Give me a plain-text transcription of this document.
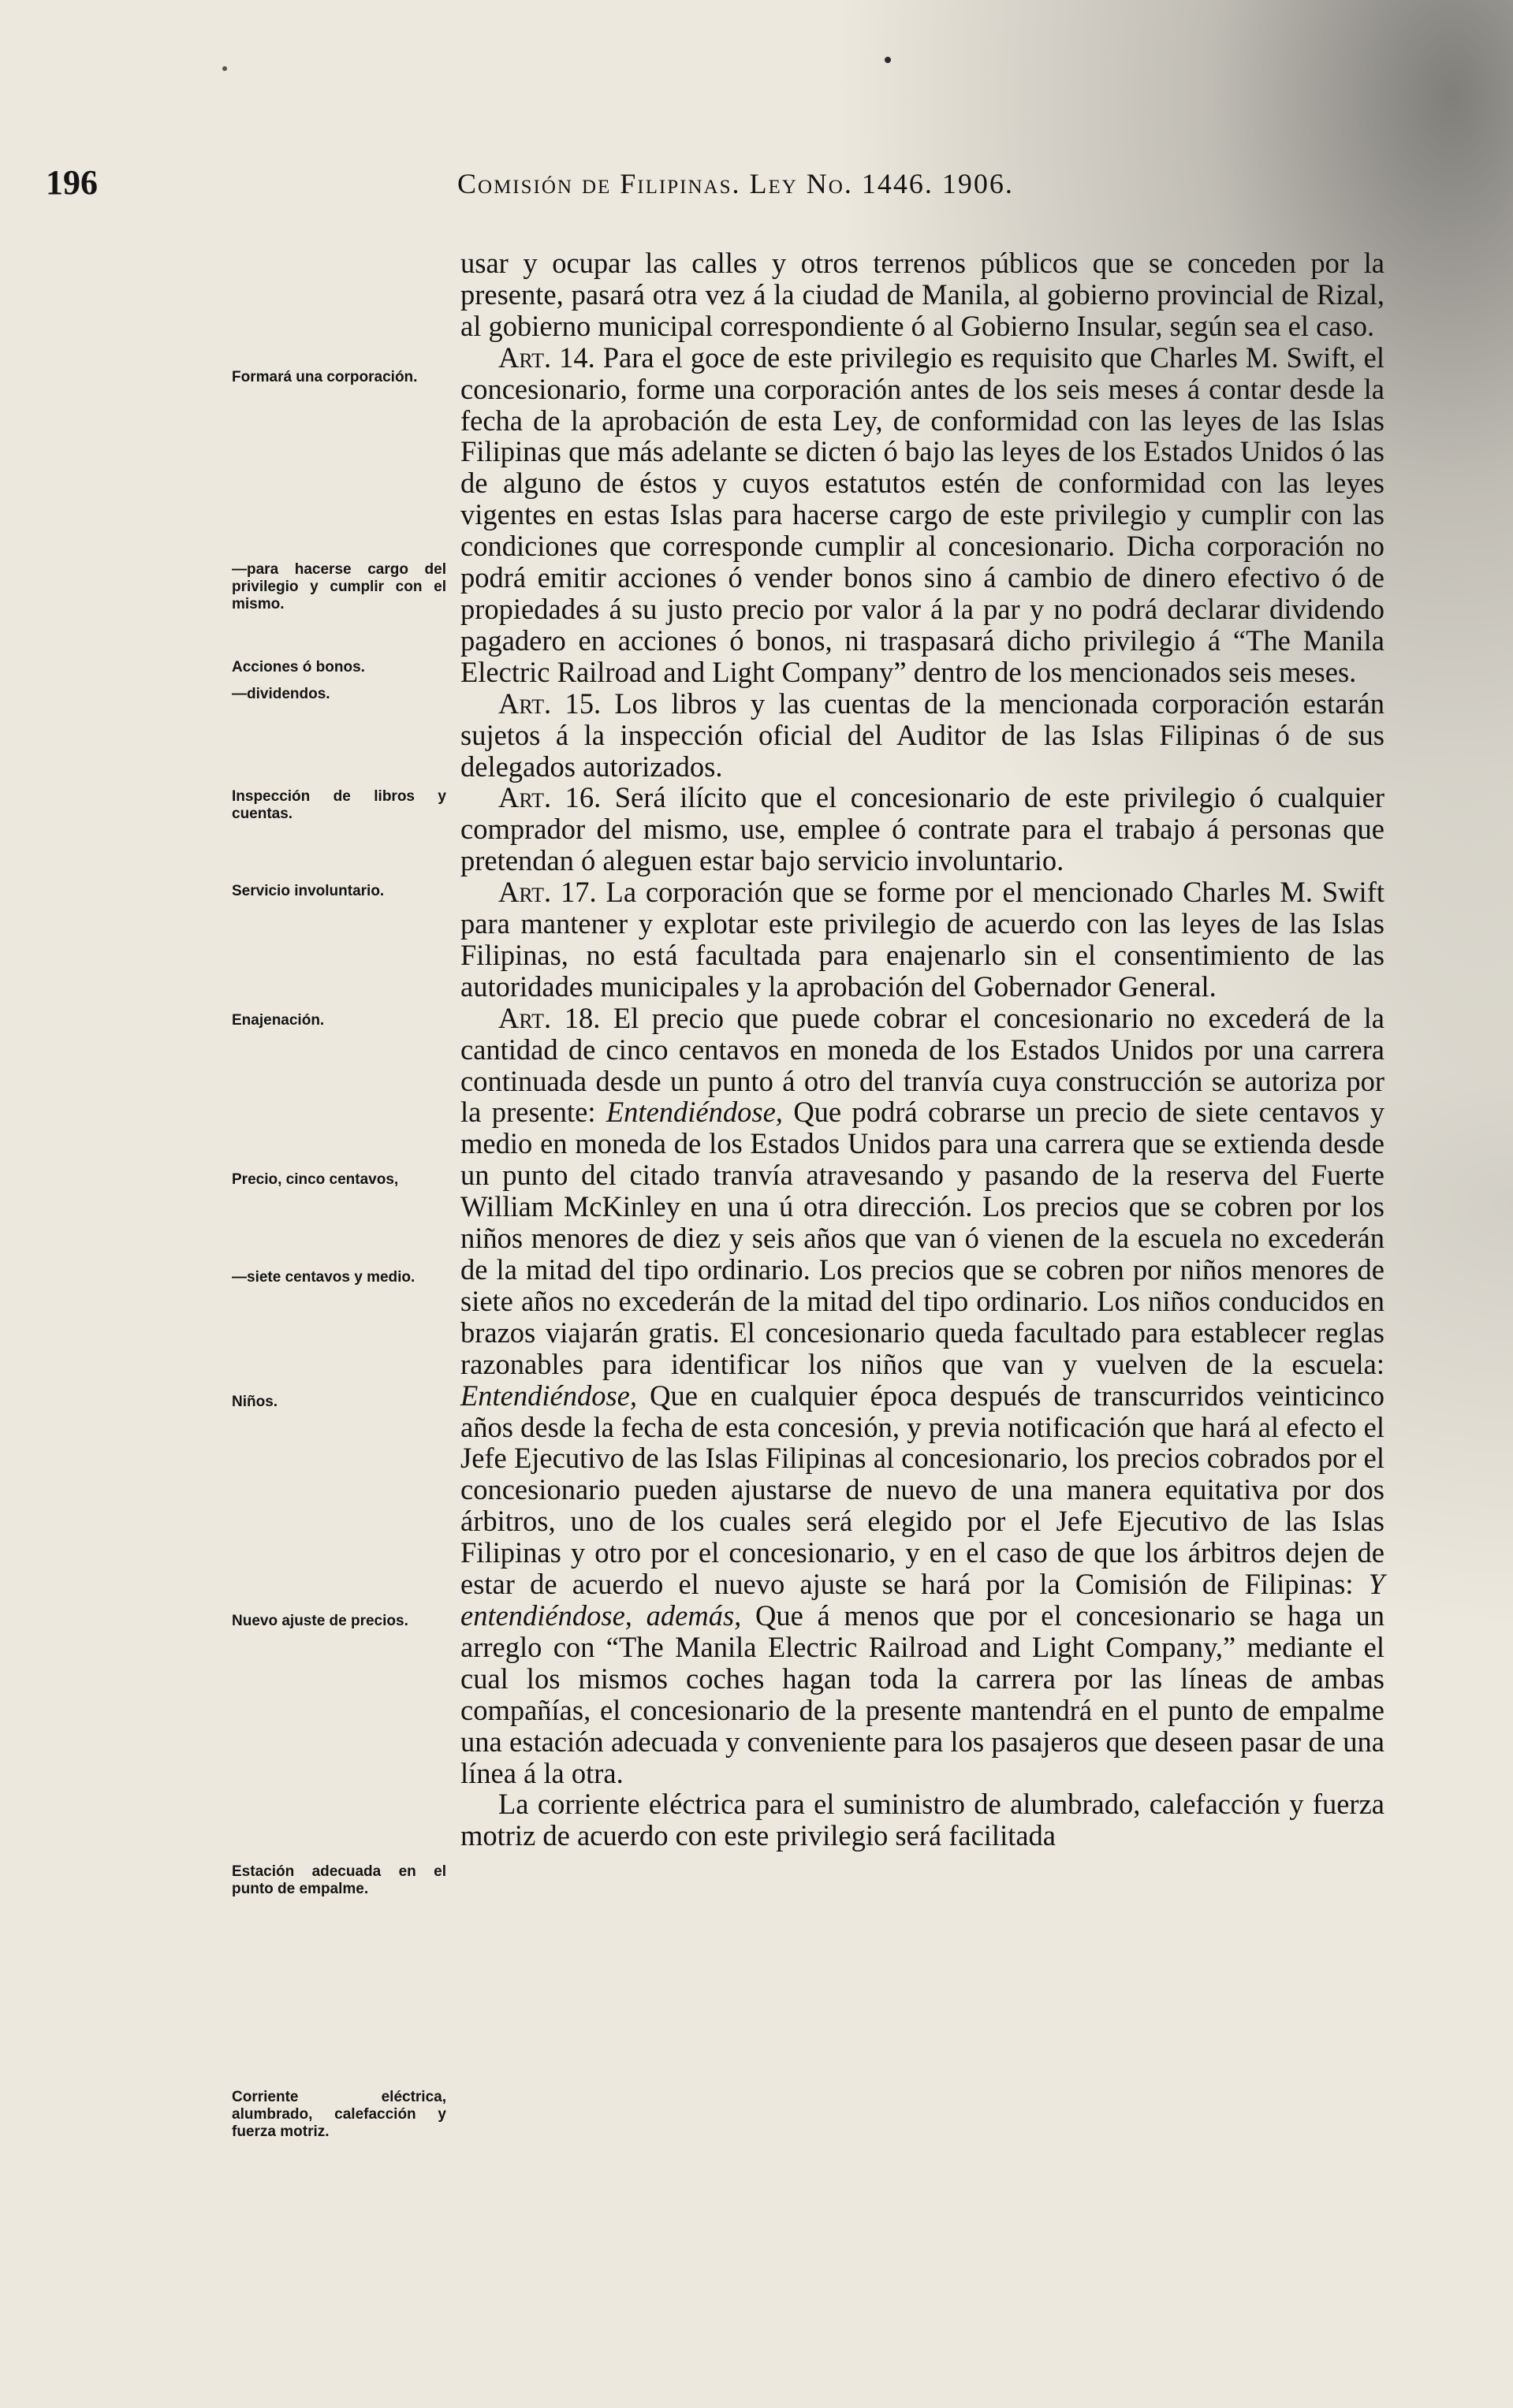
196	Comisión de Filipinas. Ley No. 1446. 1906.
Formará una corporación.
—para hacerse cargo del privilegio y cumplir con el mismo.
Acciones ó bonos.
—dividendos.
Inspección de libros y cuentas.
Servicio involuntario.
Enajenación.
Precio, cinco centavos,
—siete centavos y medio.
Niños.
Nuevo ajuste de precios.
Estación adecuada en el punto de empalme.
Corriente eléctrica, alumbrado, calefacción y fuerza motriz.

usar y ocupar las calles y otros terrenos públicos que se conceden por la presente, pasará otra vez á la ciudad de Manila, al gobierno provincial de Rizal, al gobierno municipal correspondiente ó al Gobierno Insular, según sea el caso.

Art. 14. Para el goce de este privilegio es requisito que Charles M. Swift, el concesionario, forme una corporación antes de los seis meses á contar desde la fecha de la aprobación de esta Ley, de conformidad con las leyes de las Islas Filipinas que más adelante se dicten ó bajo las leyes de los Estados Unidos ó las de alguno de éstos y cuyos estatutos estén de conformidad con las leyes vigentes en estas Islas para hacerse cargo de este privilegio y cumplir con las condiciones que corresponde cumplir al concesionario. Dicha corporación no podrá emitir acciones ó vender bonos sino á cambio de dinero efectivo ó de propiedades á su justo precio por valor á la par y no podrá declarar dividendo pagadero en acciones ó bonos, ni traspasará dicho privilegio á “The Manila Electric Railroad and Light Company” dentro de los mencionados seis meses.

Art. 15. Los libros y las cuentas de la mencionada corporación estarán sujetos á la inspección oficial del Auditor de las Islas Filipinas ó de sus delegados autorizados.

Art. 16. Será ilícito que el concesionario de este privilegio ó cualquier comprador del mismo, use, emplee ó contrate para el trabajo á personas que pretendan ó aleguen estar bajo servicio involuntario.

Art. 17. La corporación que se forme por el mencionado Charles M. Swift para mantener y explotar este privilegio de acuerdo con las leyes de las Islas Filipinas, no está facultada para enajenarlo sin el consentimiento de las autoridades municipales y la aprobación del Gobernador General.

Art. 18. El precio que puede cobrar el concesionario no excederá de la cantidad de cinco centavos en moneda de los Estados Unidos por una carrera continuada desde un punto á otro del tranvía cuya construcción se autoriza por la presente: Entendiéndose, Que podrá cobrarse un precio de siete centavos y medio en moneda de los Estados Unidos para una carrera que se extienda desde un punto del citado tranvía atravesando y pasando de la reserva del Fuerte William McKinley en una ú otra dirección. Los precios que se cobren por los niños menores de diez y seis años que van ó vienen de la escuela no excederán de la mitad del tipo ordinario. Los precios que se cobren por niños menores de siete años no excederán de la mitad del tipo ordinario. Los niños conducidos en brazos viajarán gratis. El concesionario queda facultado para establecer reglas razonables para identificar los niños que van y vuelven de la escuela: Entendiéndose, Que en cualquier época después de transcurridos veinticinco años desde la fecha de esta concesión, y previa notificación que hará al efecto el Jefe Ejecutivo de las Islas Filipinas al concesionario, los precios cobrados por el concesionario pueden ajustarse de nuevo de una manera equitativa por dos árbitros, uno de los cuales será elegido por el Jefe Ejecutivo de las Islas Filipinas y otro por el concesionario, y en el caso de que los árbitros dejen de estar de acuerdo el nuevo ajuste se hará por la Comisión de Filipinas: Y entendiéndose, además, Que á menos que por el concesionario se haga un arreglo con “The Manila Electric Railroad and Light Company,” mediante el cual los mismos coches hagan toda la carrera por las líneas de ambas compañías, el concesionario de la presente mantendrá en el punto de empalme una estación adecuada y conveniente para los pasajeros que deseen pasar de una línea á la otra.

La corriente eléctrica para el suministro de alumbrado, calefacción y fuerza motriz de acuerdo con este privilegio será facilitada
